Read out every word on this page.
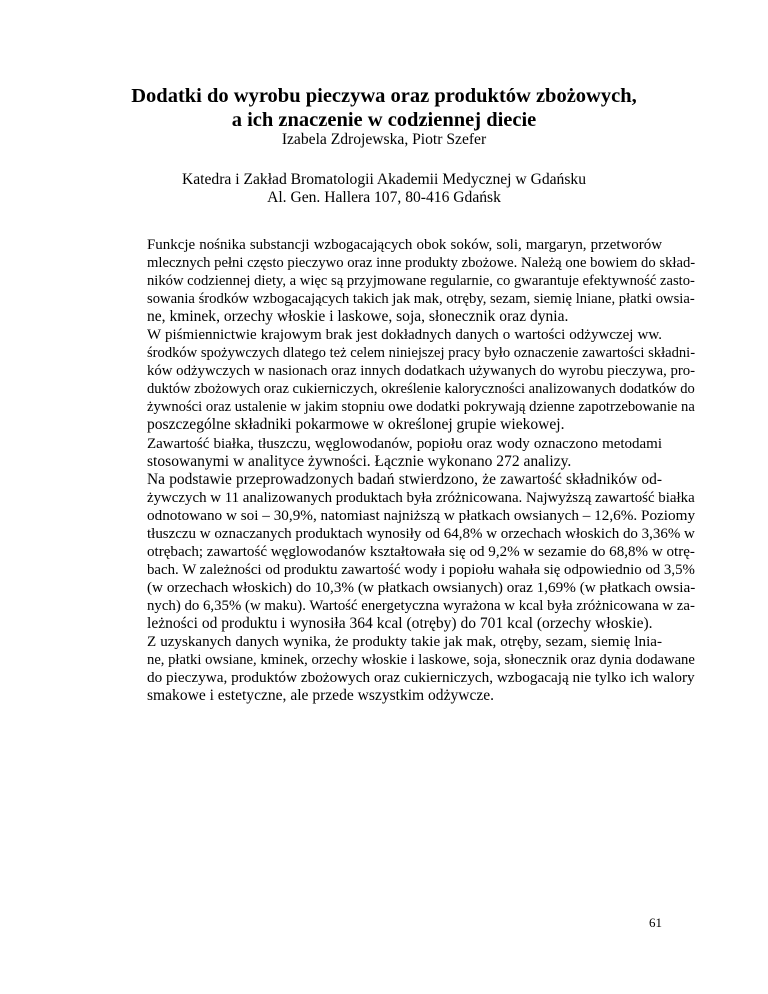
Dodatki do wyrobu pieczywa oraz produktów zbożowych,
a ich znaczenie w codziennej diecie

Izabela Zdrojewska, Piotr Szefer

Katedra i Zakład Bromatologii Akademii Medycznej w Gdańsku

Al. Gen. Hallera 107, 80-416 Gdańsk

Funkcje nośnika substancji wzbogacających obok soków, soli, margaryn, przetworów
mlecznych pełni często pieczywo oraz inne produkty zbożowe. Należą one bowiem do skład-
ników codziennej diety, a więc są przyjmowane regularnie, co gwarantuje efektywność zasto-
sowania środków wzbogacających takich jak mak, otręby, sezam, siemię lniane, płatki owsia-
ne, kminek, orzechy włoskie i laskowe, soja, słonecznik oraz dynia.

W piśmiennictwie krajowym brak jest dokładnych danych o wartości odżywczej ww.
środków spożywczych dlatego też celem niniejszej pracy było oznaczenie zawartości składni-
ków odżywczych w nasionach oraz innych dodatkach używanych do wyrobu pieczywa, pro-
duktów zbożowych oraz cukierniczych, określenie kaloryczności analizowanych dodatków do
żywności oraz ustalenie w jakim stopniu owe dodatki pokrywają dzienne zapotrzebowanie na
poszczególne składniki pokarmowe w określonej grupie wiekowej.

Zawartość białka, tłuszczu, węglowodanów, popiołu oraz wody oznaczono metodami
stosowanymi w analityce żywności. Łącznie wykonano 272 analizy.

Na podstawie przeprowadzonych badań stwierdzono, że zawartość składników od-
żywczych w 11 analizowanych produktach była zróżnicowana. Najwyższą zawartość białka
odnotowano w soi – 30,9%, natomiast najniższą w płatkach owsianych – 12,6%. Poziomy
tłuszczu w oznaczanych produktach wynosiły od 64,8% w orzechach włoskich do 3,36% w
otrębach; zawartość węglowodanów kształtowała się od 9,2% w sezamie do 68,8% w otrę-
bach. W zależności od produktu zawartość wody i popiołu wahała się odpowiednio od 3,5%
(w orzechach włoskich) do 10,3% (w płatkach owsianych) oraz 1,69% (w płatkach owsia-
nych) do 6,35% (w maku). Wartość energetyczna wyrażona w kcal była zróżnicowana w za-
leżności od produktu i wynosiła 364 kcal (otręby) do 701 kcal (orzechy włoskie).

Z uzyskanych danych wynika, że produkty takie jak mak, otręby, sezam, siemię lnia-
ne, płatki owsiane, kminek, orzechy włoskie i laskowe, soja, słonecznik oraz dynia dodawane
do pieczywa, produktów zbożowych oraz cukierniczych, wzbogacają nie tylko ich walory
smakowe i estetyczne, ale przede wszystkim odżywcze.

61
